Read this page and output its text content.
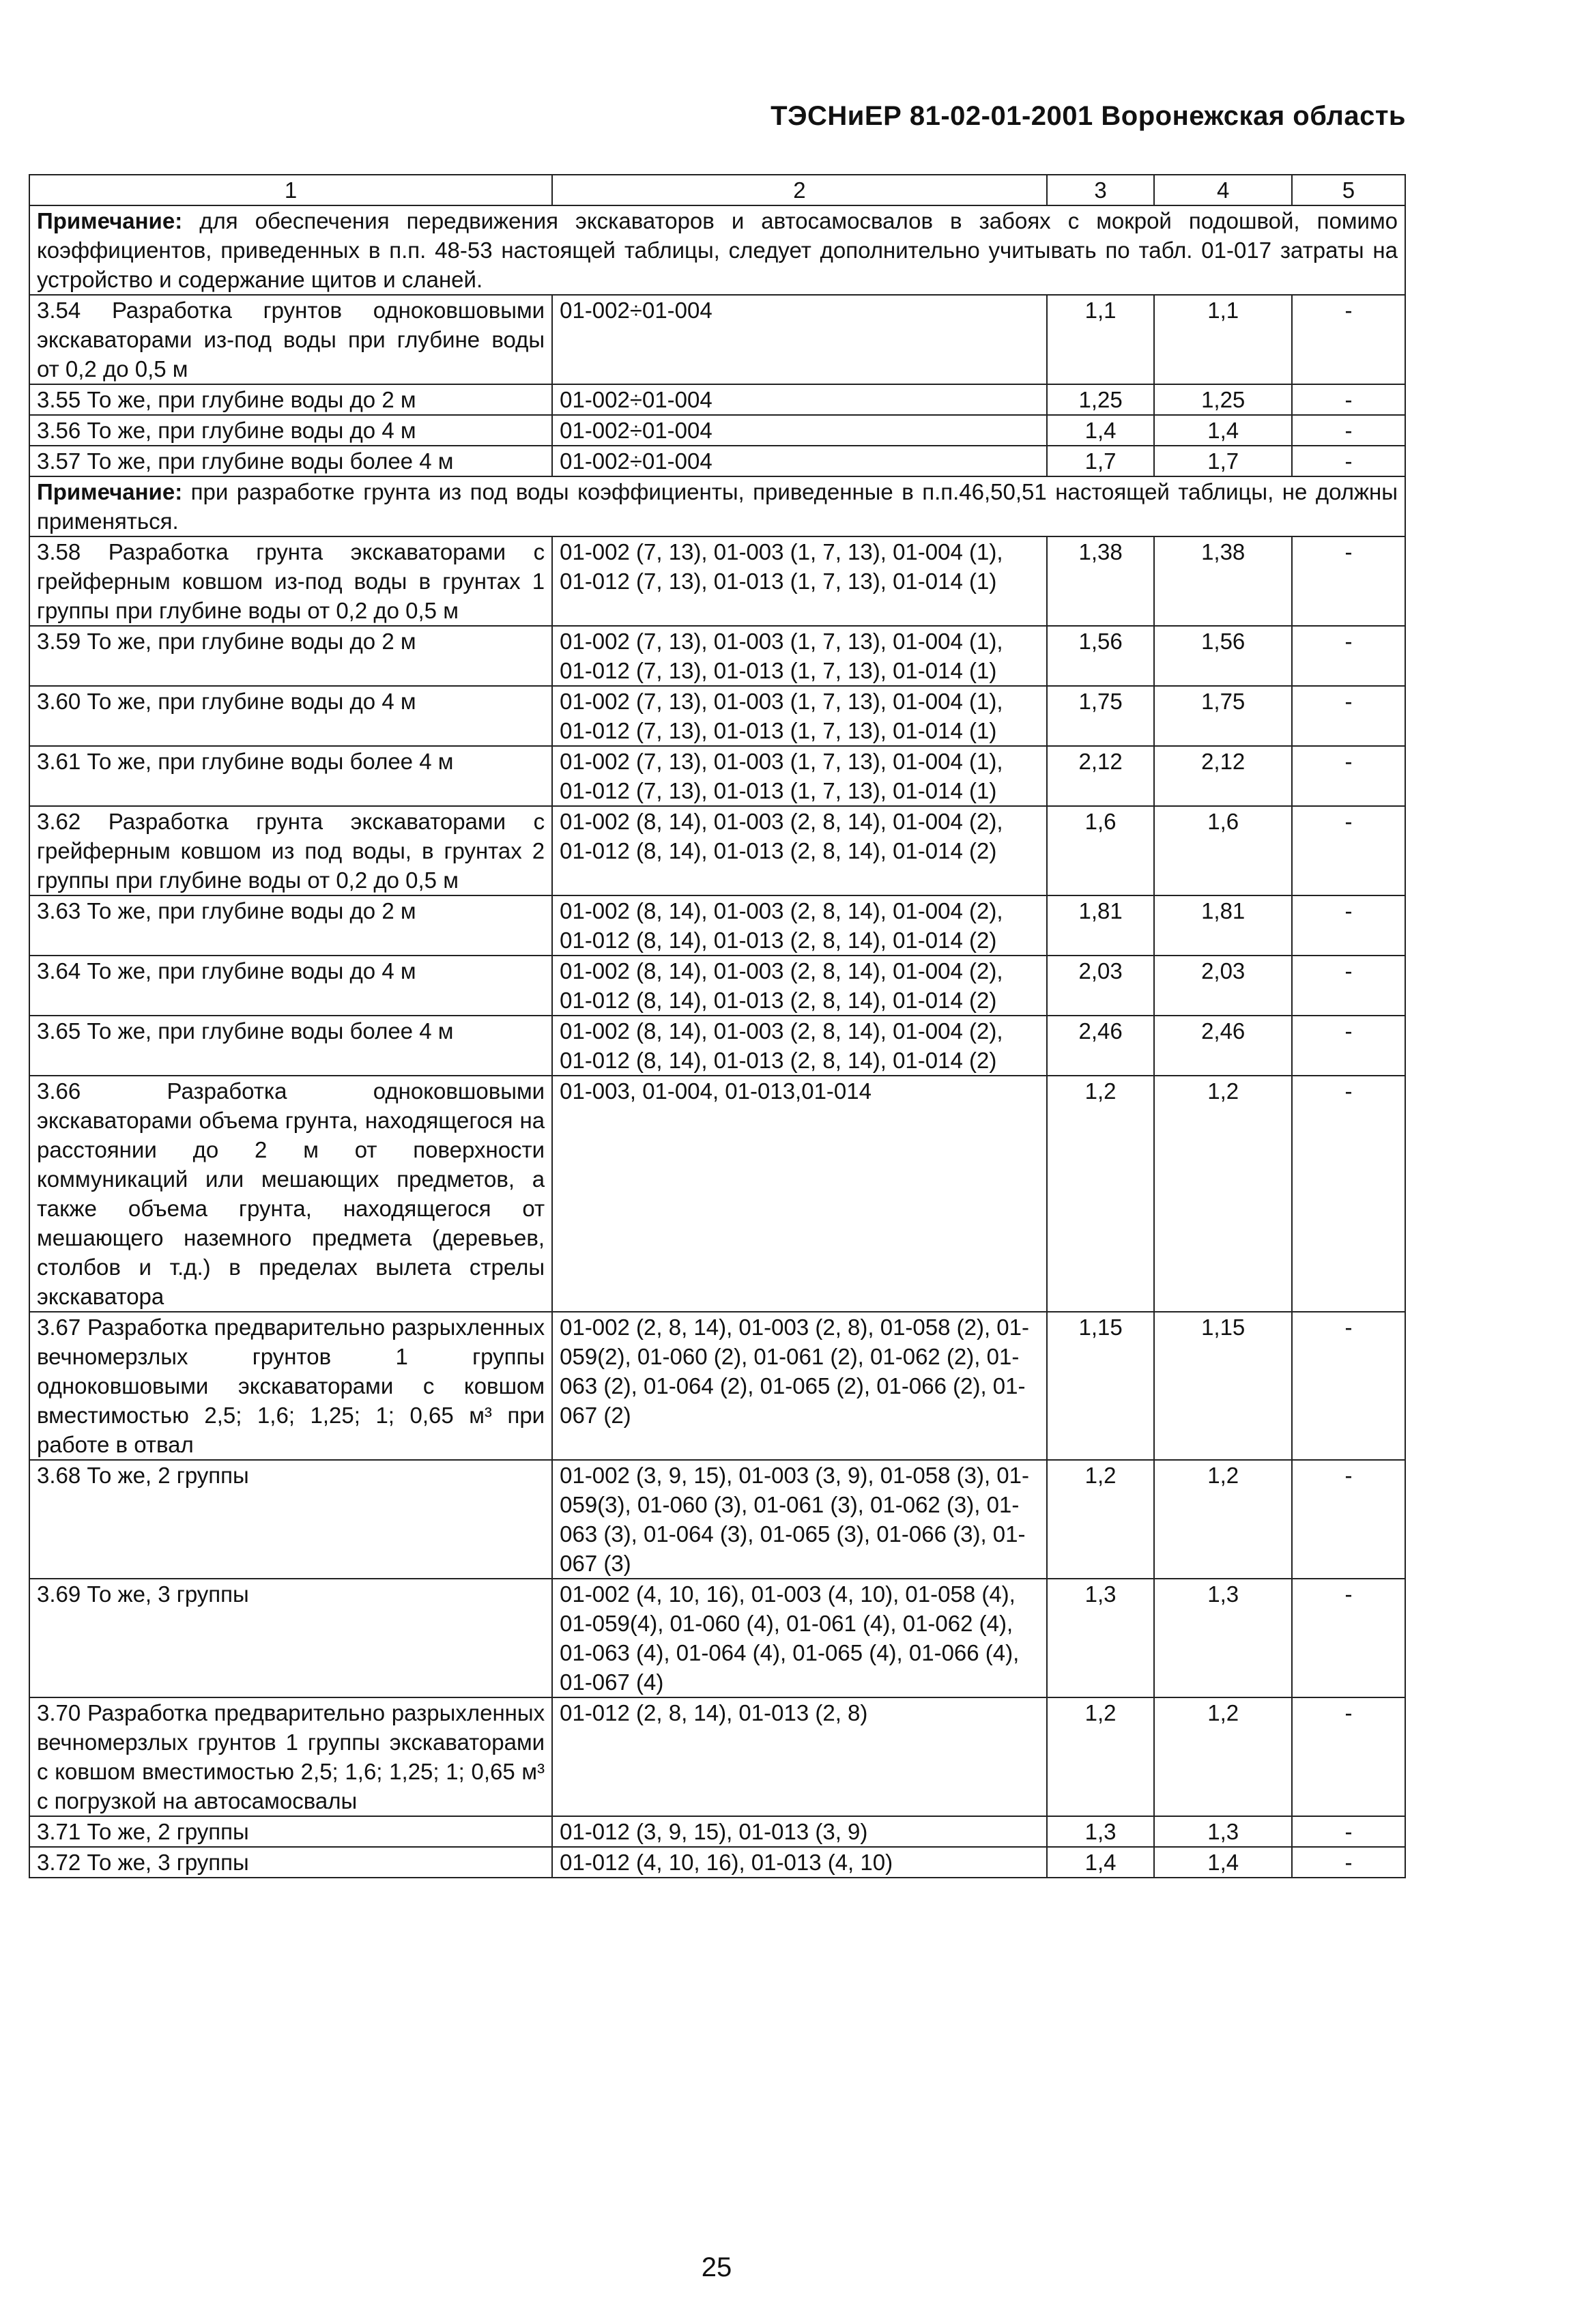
ТЭСНиЕР 81-02-01-2001 Воронежская область
1	2	3	4	5
Примечание: для обеспечения передвижения экскаваторов и автосамосвалов в забоях с мокрой подошвой, помимо коэффициентов, приведенных в п.п. 48-53 настоящей таблицы, следует дополнительно учитывать по табл. 01-017 затраты на устройство и содержание щитов и сланей.				
3.54 Разработка грунтов одноковшовыми экскаваторами из-под воды при глубине воды от 0,2 до 0,5 м	01-002÷01-004	1,1	1,1	-
3.55 То же, при глубине воды до 2 м	01-002÷01-004	1,25	1,25	-
3.56 То же, при глубине воды до 4 м	01-002÷01-004	1,4	1,4	-
3.57 То же, при глубине воды более 4 м	01-002÷01-004	1,7	1,7	-
Примечание: при разработке грунта из под воды коэффициенты, приведенные в п.п.46,50,51 настоящей таблицы, не должны применяться.				
3.58 Разработка грунта экскаваторами с грейферным ковшом из-под воды в грунтах 1 группы при глубине воды от 0,2 до 0,5 м	01-002 (7, 13), 01-003 (1, 7, 13), 01-004 (1), 01-012 (7, 13), 01-013 (1, 7, 13), 01-014 (1)	1,38	1,38	-
3.59 То же, при глубине воды до 2 м	01-002 (7, 13), 01-003 (1, 7, 13), 01-004 (1), 01-012 (7, 13), 01-013 (1, 7, 13), 01-014 (1)	1,56	1,56	-
3.60 То же, при глубине воды до 4 м	01-002 (7, 13), 01-003 (1, 7, 13), 01-004 (1), 01-012 (7, 13), 01-013 (1, 7, 13), 01-014 (1)	1,75	1,75	-
3.61 То же, при глубине воды более 4 м	01-002 (7, 13), 01-003 (1, 7, 13), 01-004 (1), 01-012 (7, 13), 01-013 (1, 7, 13), 01-014 (1)	2,12	2,12	-
3.62 Разработка грунта экскаваторами с грейферным ковшом из под воды, в грунтах 2 группы при глубине воды от 0,2 до 0,5 м	01-002 (8, 14), 01-003 (2, 8, 14), 01-004 (2), 01-012 (8, 14), 01-013 (2, 8, 14), 01-014 (2)	1,6	1,6	-
3.63 То же, при глубине воды до 2 м	01-002 (8, 14), 01-003 (2, 8, 14), 01-004 (2), 01-012 (8, 14), 01-013 (2, 8, 14), 01-014 (2)	1,81	1,81	-
3.64 То же, при глубине воды до 4 м	01-002 (8, 14), 01-003 (2, 8, 14), 01-004 (2), 01-012 (8, 14), 01-013 (2, 8, 14), 01-014 (2)	2,03	2,03	-
3.65 То же, при глубине воды более 4 м	01-002 (8, 14), 01-003 (2, 8, 14), 01-004 (2), 01-012 (8, 14), 01-013 (2, 8, 14), 01-014 (2)	2,46	2,46	-
3.66 Разработка одноковшовыми экскаваторами объема грунта, находящегося на расстоянии до 2 м от поверхности коммуникаций или мешающих предметов, а также объема грунта, находящегося от мешающего наземного предмета (деревьев, столбов и т.д.) в пределах вылета стрелы экскаватора	01-003, 01-004, 01-013,01-014	1,2	1,2	-
3.67 Разработка предварительно разрыхленных вечномерзлых грунтов 1 группы одноковшовыми экскаваторами с ковшом вместимостью 2,5; 1,6; 1,25; 1; 0,65 м³ при работе в отвал	01-002 (2, 8, 14), 01-003 (2, 8), 01-058 (2), 01-059(2), 01-060 (2), 01-061 (2), 01-062 (2), 01-063 (2), 01-064 (2), 01-065 (2), 01-066 (2), 01-067 (2)	1,15	1,15	-
3.68 То же, 2 группы	01-002 (3, 9, 15), 01-003 (3, 9), 01-058 (3), 01-059(3), 01-060 (3), 01-061 (3), 01-062 (3), 01-063 (3), 01-064 (3), 01-065 (3), 01-066 (3), 01-067 (3)	1,2	1,2	-
3.69 То же, 3 группы	01-002 (4, 10, 16), 01-003 (4, 10), 01-058 (4), 01-059(4), 01-060 (4), 01-061 (4), 01-062 (4), 01-063 (4), 01-064 (4), 01-065 (4), 01-066 (4), 01-067 (4)	1,3	1,3	-
3.70 Разработка предварительно разрыхленных вечномерзлых грунтов 1 группы экскаваторами с ковшом вместимостью 2,5; 1,6; 1,25; 1; 0,65 м³ с погрузкой на автосамосвалы	01-012 (2, 8, 14), 01-013 (2, 8)	1,2	1,2	-
3.71 То же, 2 группы	01-012 (3, 9, 15), 01-013 (3, 9)	1,3	1,3	-
3.72 То же, 3 группы	01-012 (4, 10, 16), 01-013 (4, 10)	1,4	1,4	-
25
